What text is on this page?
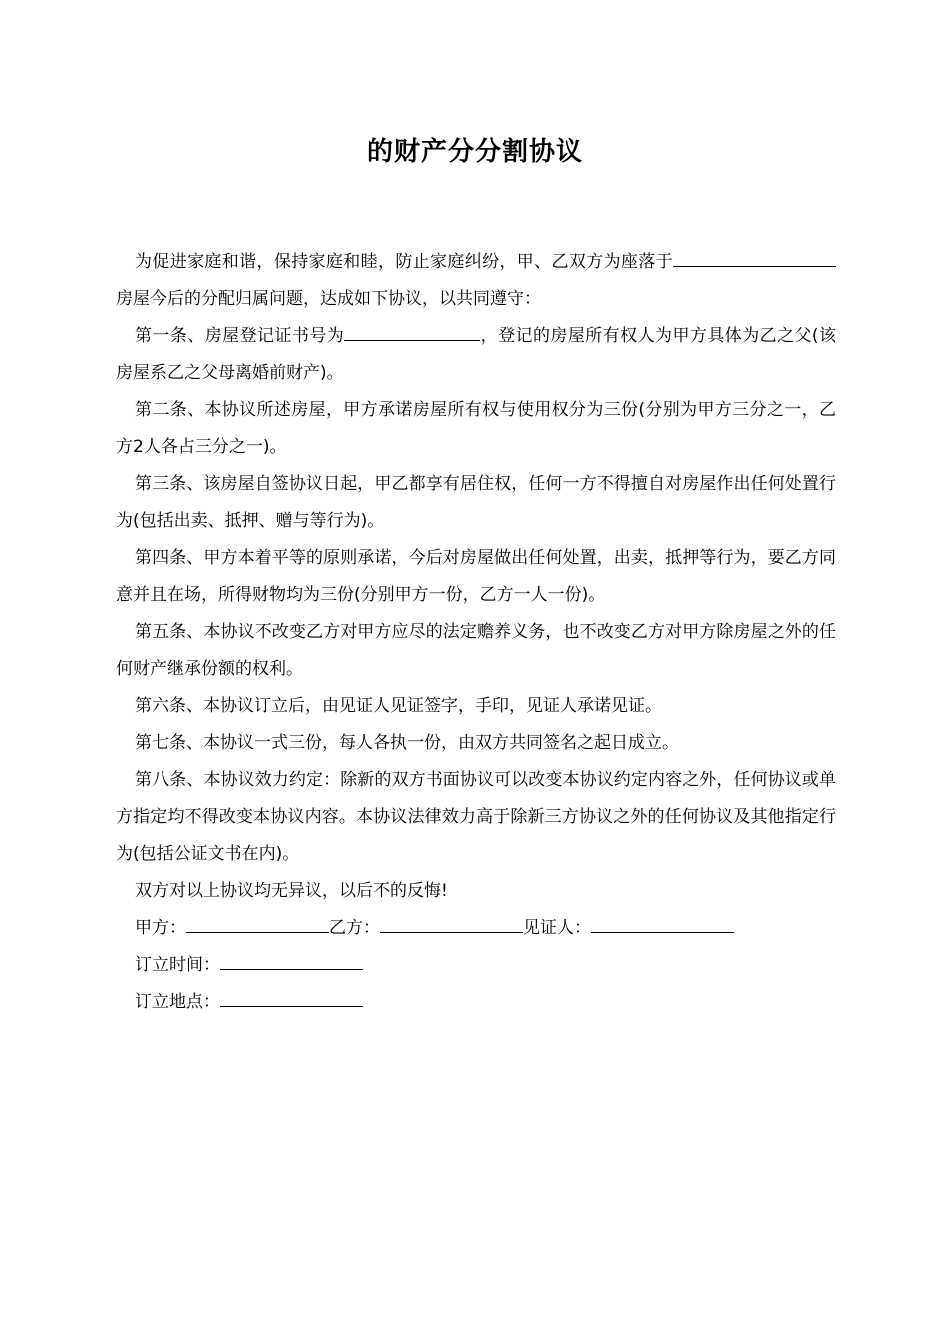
的财产分分割协议

为促进家庭和谐，保持家庭和睦，防止家庭纠纷，甲、乙双方为座落于房屋今后的分配归属问题，达成如下协议，以共同遵守：

第一条、房屋登记证书号为	，登记的房屋所有权人为甲方具体为乙之父(该房屋系乙之父母离婚前财产)。

第二条、本协议所述房屋，甲方承诺房屋所有权与使用权分为三份(分别为甲方三分之一，乙方2人各占三分之一)。

第三条、该房屋自签协议日起，甲乙都享有居住权，任何一方不得擅自对房屋作出任何处置行为(包括出卖、抵押、赠与等行为)。

第四条、甲方本着平等的原则承诺，今后对房屋做出任何处置，出卖，抵押等行为，要乙方同意并且在场，所得财物均为三份(分别甲方一份，乙方一人一份)。

第五条、本协议不改变乙方对甲方应尽的法定赡养义务，也不改变乙方对甲方除房屋之外的任何财产继承份额的权利。

第六条、本协议订立后，由见证人见证签字，手印，见证人承诺见证。

第七条、本协议一式三份，每人各执一份，由双方共同签名之起日成立。

第八条、本协议效力约定：除新的双方书面协议可以改变本协议约定内容之外，任何协议或单方指定均不得改变本协议内容。本协议法律效力高于除新三方协议之外的任何协议及其他指定行为(包括公证文书在内)。

双方对以上协议均无异议，以后不的反悔!

甲方：	乙方：	见证人：

订立时间：

订立地点：
